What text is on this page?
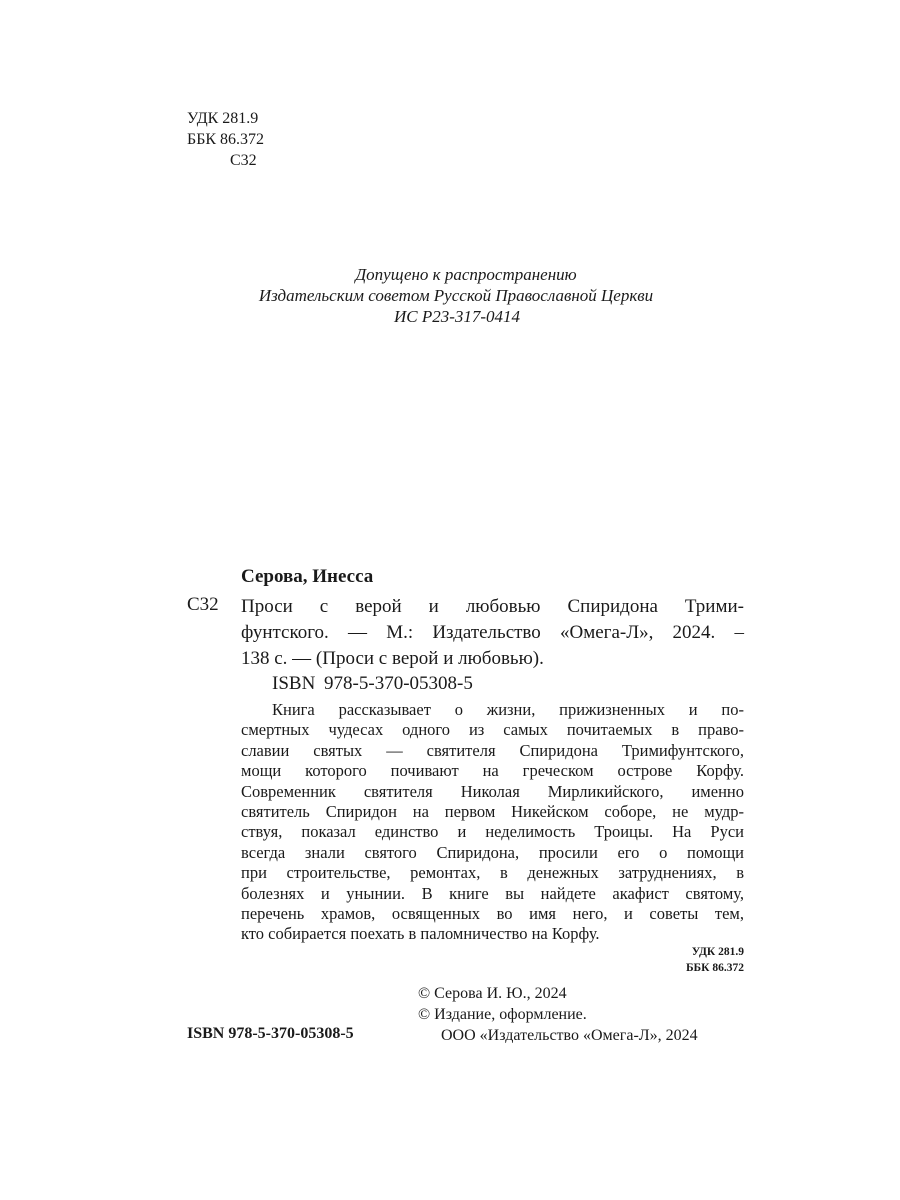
УДК 281.9
ББК 86.372
С32
Допущено к распространению
Издательским советом Русской Православной Церкви
ИС Р23-317-0414
Серова, Инесса
С32 Проси с верой и любовью Спиридона Трими-
фунтского. — М.: Издательство «Омега-Л», 2024. –
138 с. — (Проси с верой и любовью).
ISBN 978-5-370-05308-5
Книга рассказывает о жизни, прижизненных и по-
смертных чудесах одного из самых почитаемых в право-
славии святых — святителя Спиридона Тримифунтского,
мощи которого почивают на греческом острове Корфу.
Современник святителя Николая Мирликийского, именно
святитель Спиридон на первом Никейском соборе, не мудр-
ствуя, показал единство и неделимость Троицы. На Руси
всегда знали святого Спиридона, просили его о помощи
при строительстве, ремонтах, в денежных затруднениях, в
болезнях и унынии. В книге вы найдете акафист святому,
перечень храмов, освященных во имя него, и советы тем,
кто собирается поехать в паломничество на Корфу.
УДК 281.9
ББК 86.372
© Серова И. Ю., 2024
© Издание, оформление.
ООО «Издательство «Омега-Л», 2024
ISBN 978-5-370-05308-5
